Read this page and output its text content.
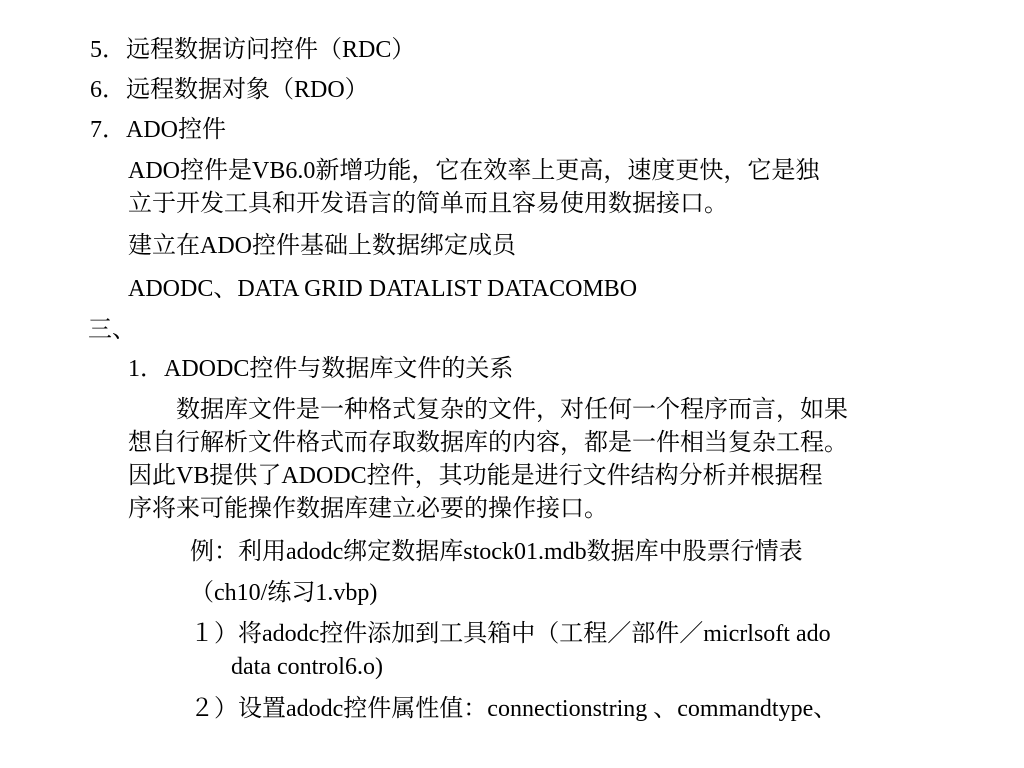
5．远程数据访问控件（RDC）
6．远程数据对象（RDO）
7．ADO控件
ADO控件是VB6.0新增功能，它在效率上更高，速度更快，它是独
立于开发工具和开发语言的简单而且容易使用数据接口。
建立在ADO控件基础上数据绑定成员
ADODC、DATA GRID DATALIST DATACOMBO
三、
1．ADODC控件与数据库文件的关系
　　数据库文件是一种格式复杂的文件，对任何一个程序而言，如果
想自行解析文件格式而存取数据库的内容，都是一件相当复杂工程。
因此VB提供了ADODC控件，其功能是进行文件结构分析并根据程
序将来可能操作数据库建立必要的操作接口。
例：利用adodc绑定数据库stock01.mdb数据库中股票行情表
（ch10/练习1.vbp)
１）将adodc控件添加到工具箱中（工程／部件／micrlsoft ado
data control6.o)
２）设置adodc控件属性值：connectionstring 、commandtype、
